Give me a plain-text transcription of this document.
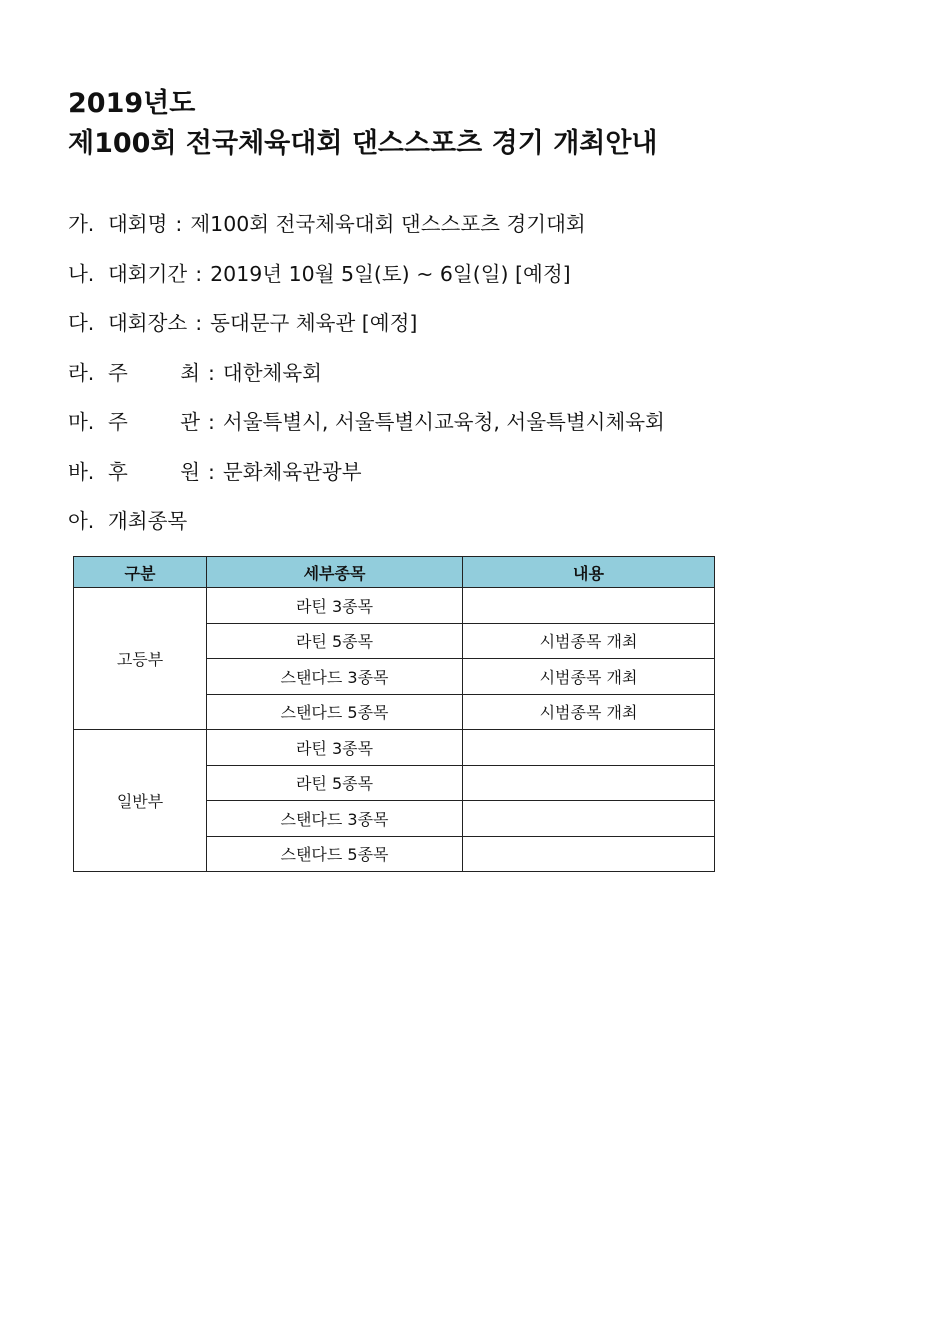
2019년도
제100회 전국체육대회 댄스스포츠 경기 개최안내
가. 대회명 : 제100회 전국체육대회 댄스스포츠 경기대회
나. 대회기간 : 2019년 10월 5일(토) ~ 6일(일) [예정]
다. 대회장소 : 동대문구 체육관 [예정]
라. 주	최 : 대한체육회
마. 주	관 : 서울특별시, 서울특별시교육청, 서울특별시체육회
바. 후	원 : 문화체육관광부
아. 개최종목
구분	세부종목	내용
고등부	라틴 3종목	
	라틴 5종목	시범종목 개최
	스탠다드 3종목	시범종목 개최
	스탠다드 5종목	시범종목 개최
일반부	라틴 3종목	
	라틴 5종목	
	스탠다드 3종목	
	스탠다드 5종목	
